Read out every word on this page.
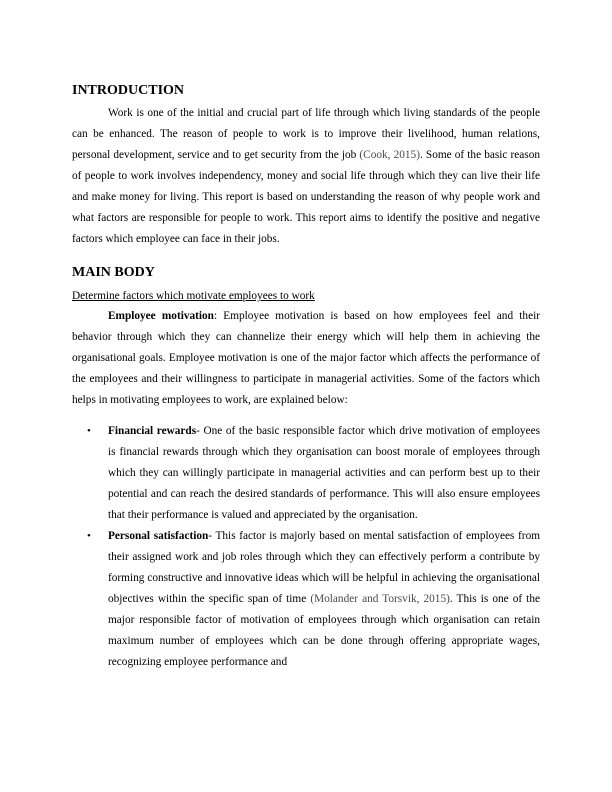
INTRODUCTION

Work is one of the initial and crucial part of life through which living standards of the people can be enhanced. The reason of people to work is to improve their livelihood, human relations, personal development, service and to get security from the job (Cook, 2015). Some of the basic reason of people to work involves independency, money and social life through which they can live their life and make money for living. This report is based on understanding the reason of why people work and what factors are responsible for people to work. This report aims to identify the positive and negative factors which employee can face in their jobs.

MAIN BODY
Determine factors which motivate employees to work

Employee motivation: Employee motivation is based on how employees feel and their behavior through which they can channelize their energy which will help them in achieving the organisational goals. Employee motivation is one of the major factor which affects the performance of the employees and their willingness to participate in managerial activities. Some of the factors which helps in motivating employees to work, are explained below:

• Financial rewards- One of the basic responsible factor which drive motivation of employees is financial rewards through which they organisation can boost morale of employees through which they can willingly participate in managerial activities and can perform best up to their potential and can reach the desired standards of performance. This will also ensure employees that their performance is valued and appreciated by the organisation.
• Personal satisfaction- This factor is majorly based on mental satisfaction of employees from their assigned work and job roles through which they can effectively perform a contribute by forming constructive and innovative ideas which will be helpful in achieving the organisational objectives within the specific span of time (Molander and Torsvik, 2015). This is one of the major responsible factor of motivation of employees through which organisation can retain maximum number of employees which can be done through offering appropriate wages, recognizing employee performance and
